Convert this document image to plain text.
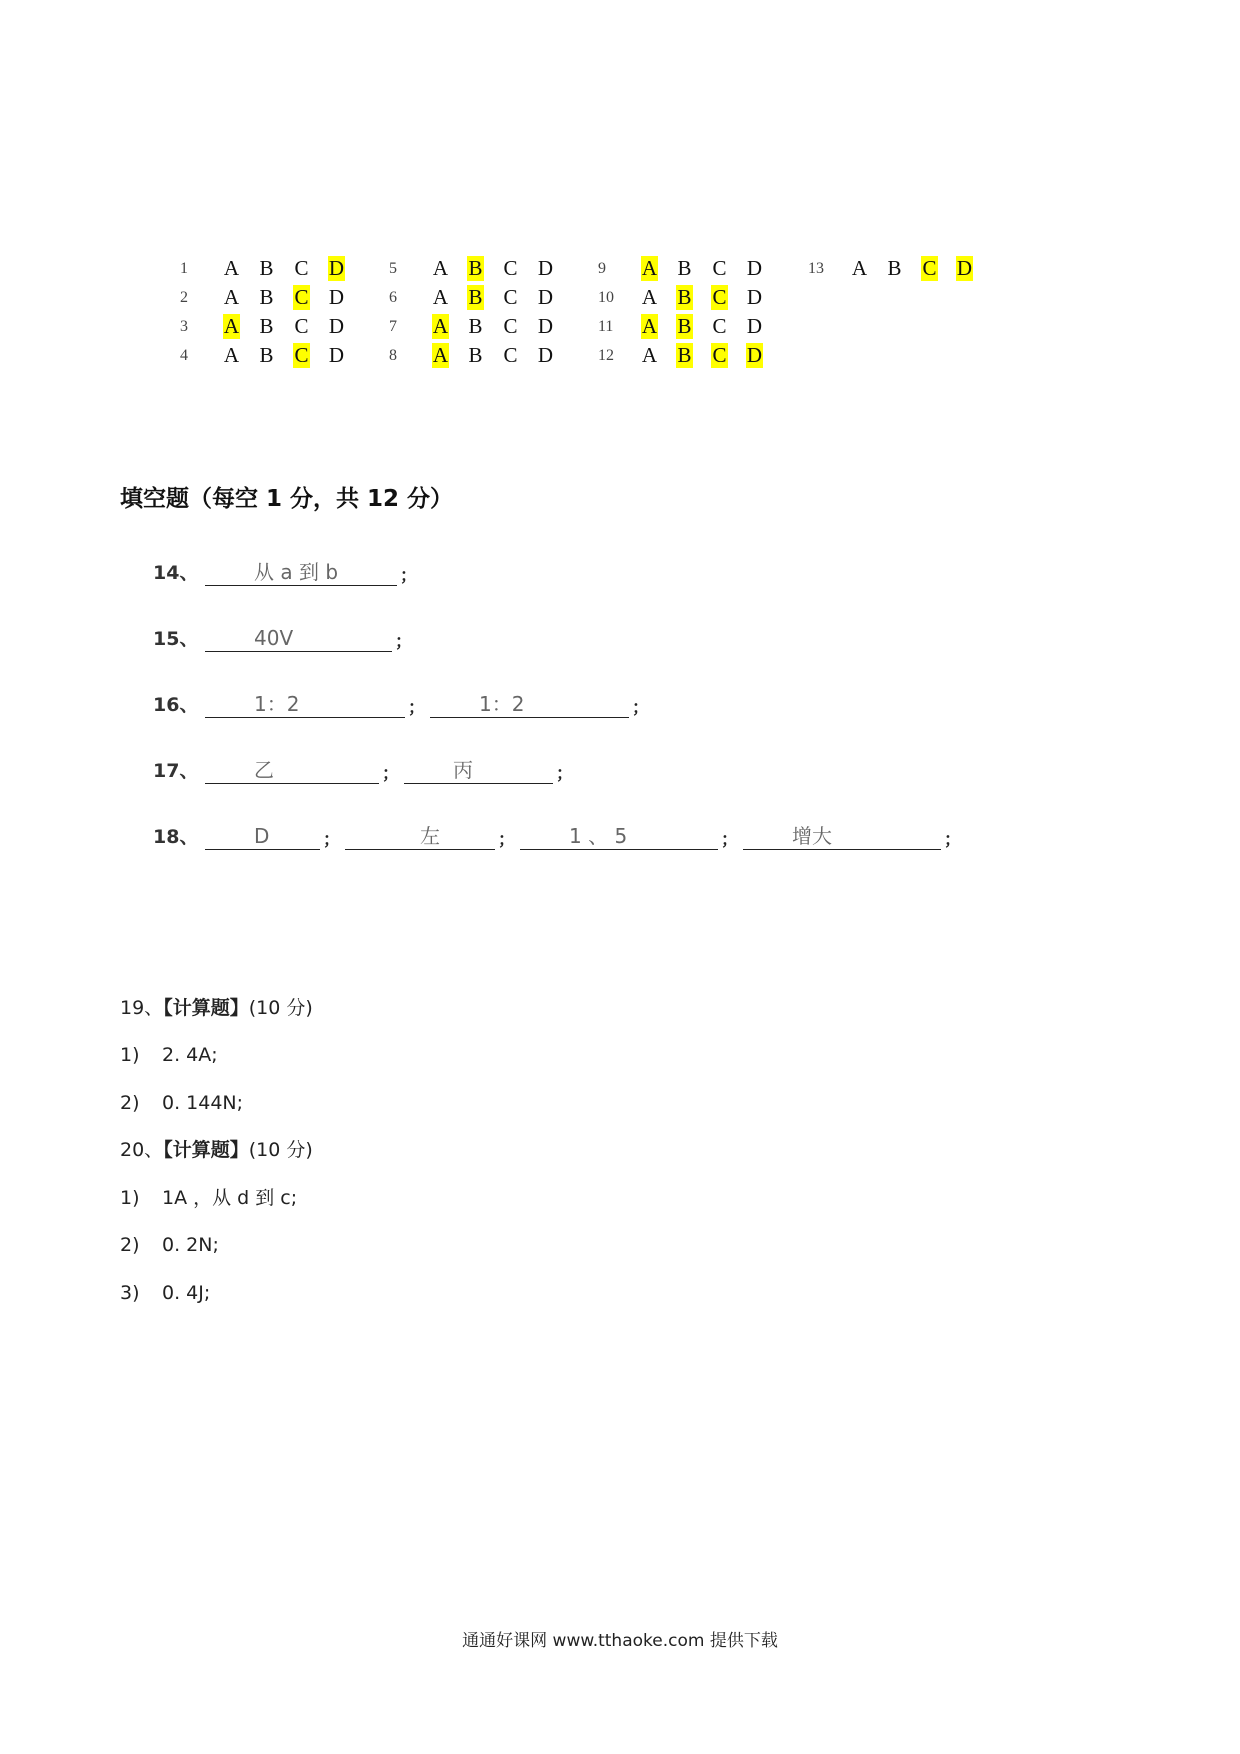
1	A B C D
2	A B C D
3	A B C D
4	A B C D
5	A B C D
6	A B C D
7	A B C D
8	A B C D
9	A B C D
10	A B C D
11	A B C D
12	A B C D
13	A B C D
填空题（每空 1 分，共 12 分）
14、	从 a 到 b	；
15、	40V	；
16、	1：2	；	1：2	；
17、	乙	；	丙	；
18、	D	；	左	；	1 、 5	；	增大	；
19、【计算题】(10 分)
1) 2. 4A;
2) 0. 144N;
20、【计算题】(10 分)
1) 1A ，从 d 到 c;
2) 0. 2N;
3) 0. 4J;
通通好课网 www.tthaoke.com 提供下载
